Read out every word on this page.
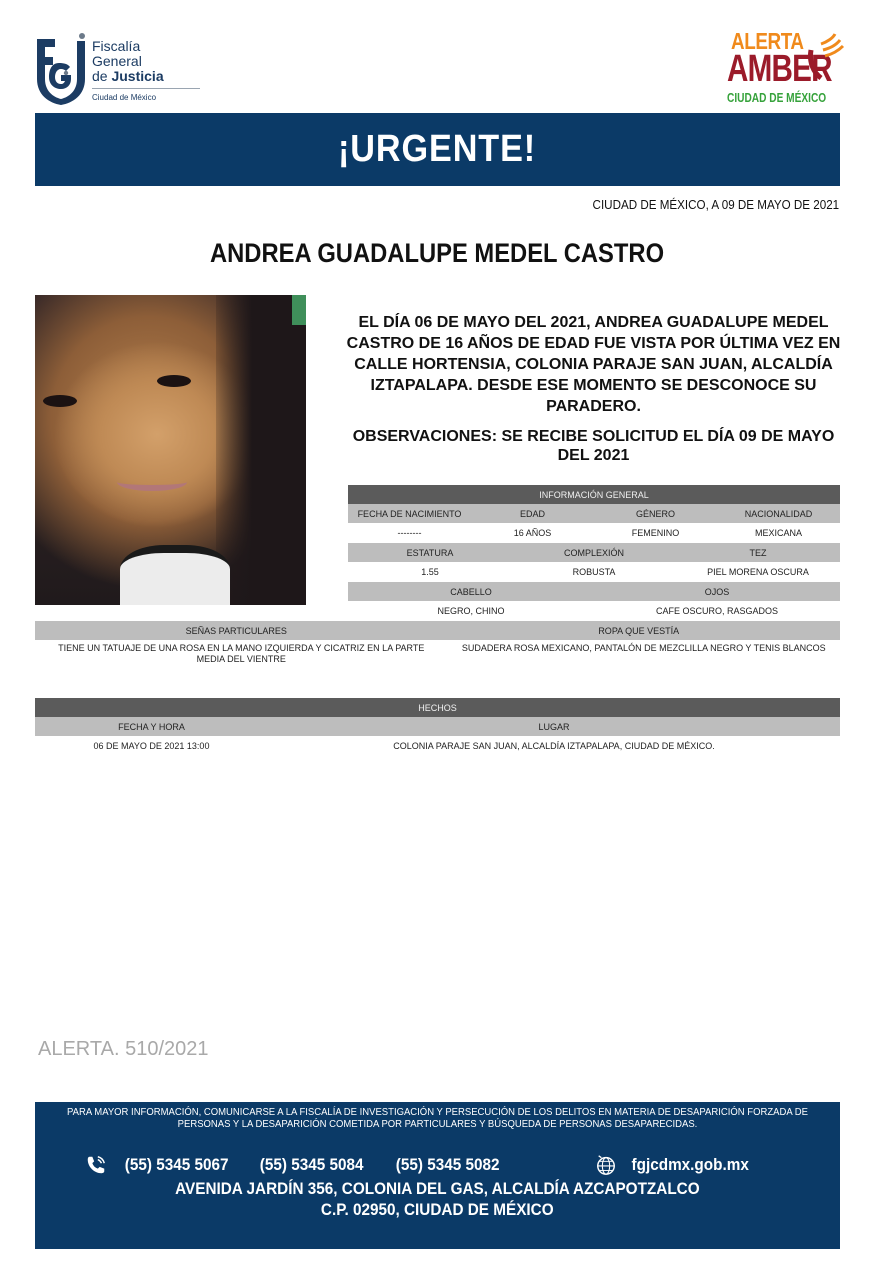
Fiscalía
General
de Justicia
Ciudad de México
ALERTA
AMBER
CIUDAD DE MÉXICO
¡URGENTE!
CIUDAD DE MÉXICO, A 09 DE MAYO DE 2021
ANDREA GUADALUPE MEDEL CASTRO
EL DÍA 06 DE MAYO DEL 2021, ANDREA GUADALUPE MEDEL CASTRO DE 16 AÑOS DE EDAD FUE VISTA POR ÚLTIMA VEZ EN CALLE HORTENSIA, COLONIA PARAJE SAN JUAN, ALCALDÍA IZTAPALAPA. DESDE ESE MOMENTO SE DESCONOCE SU PARADERO.
OBSERVACIONES: SE RECIBE SOLICITUD EL DÍA 09 DE MAYO DEL 2021
INFORMACIÓN GENERAL
FECHA DE NACIMIENTO	EDAD	GÉNERO	NACIONALIDAD
--------	16 AÑOS	FEMENINO	MEXICANA
ESTATURA	COMPLEXIÓN	TEZ
1.55	ROBUSTA	PIEL MORENA OSCURA
CABELLO	OJOS
NEGRO, CHINO	CAFE OSCURO, RASGADOS
SEÑAS PARTICULARES	ROPA QUE VESTÍA
TIENE UN TATUAJE DE UNA ROSA EN LA MANO IZQUIERDA Y CICATRIZ EN LA PARTE MEDIA DEL VIENTRE
SUDADERA ROSA MEXICANO, PANTALÓN DE MEZCLILLA NEGRO Y TENIS BLANCOS
HECHOS
FECHA Y HORA	LUGAR
06 DE MAYO DE 2021 13:00	COLONIA PARAJE SAN JUAN, ALCALDÍA IZTAPALAPA, CIUDAD DE MÉXICO.
ALERTA. 510/2021
PARA MAYOR INFORMACIÓN, COMUNICARSE A LA FISCALÍA DE INVESTIGACIÓN Y PERSECUCIÓN DE LOS DELITOS EN MATERIA DE DESAPARICIÓN FORZADA DE PERSONAS Y LA DESAPARICIÓN COMETIDA POR PARTICULARES Y BÚSQUEDA DE PERSONAS DESAPARECIDAS.
(55) 5345 5067 (55) 5345 5084 (55) 5345 5082	fgjcdmx.gob.mx
AVENIDA JARDÍN 356, COLONIA DEL GAS, ALCALDÍA AZCAPOTZALCO
C.P. 02950, CIUDAD DE MÉXICO
